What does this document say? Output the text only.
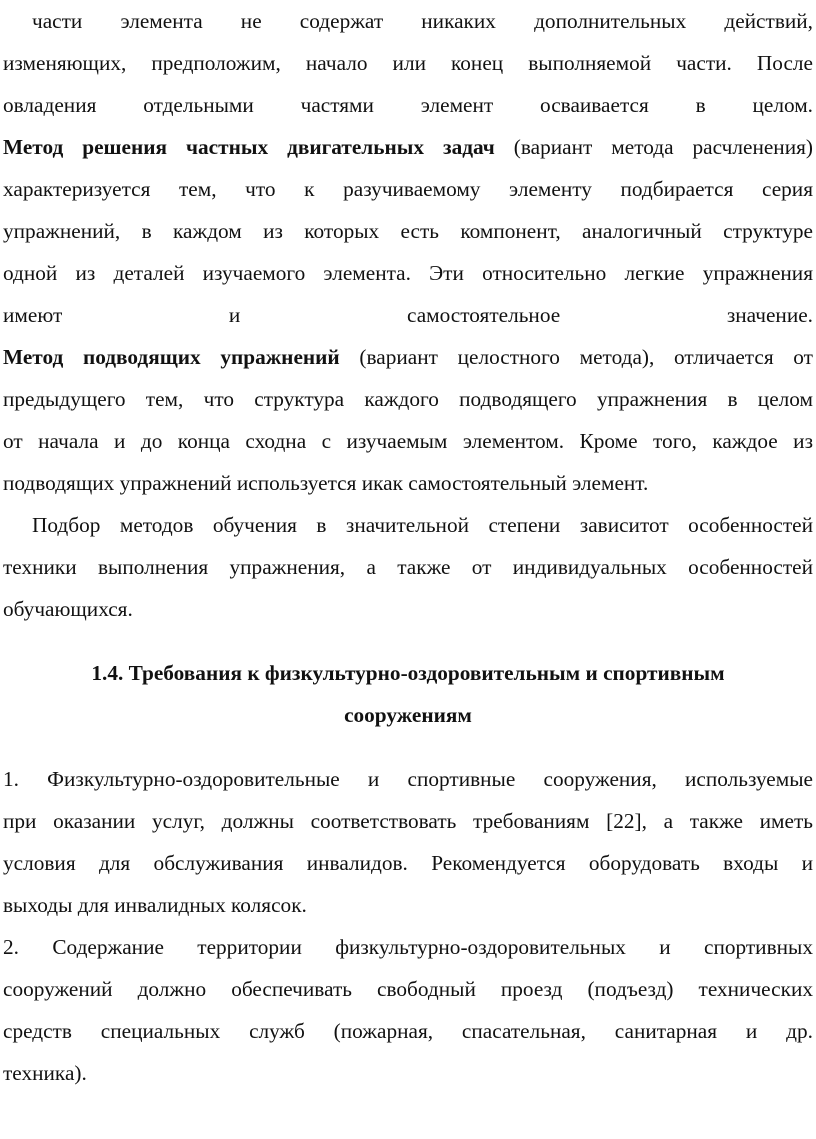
части элемента не содержат никаких дополнительных действий,
изменяющих, предположим, начало или конец выполняемой части. После
овладения отдельными частями элемент осваивается в целом.
Метод решения частных двигательных задач (вариант метода расчленения)
характеризуется тем, что к разучиваемому элементу подбирается серия
упражнений, в каждом из которых есть компонент, аналогичный структуре
одной из деталей изучаемого элемента. Эти относительно легкие упражнения
имеют и самостоятельное значение.
Метод подводящих упражнений (вариант целостного метода), отличается от
предыдущего тем, что структура каждого подводящего упражнения в целом
от начала и до конца сходна с изучаемым элементом. Кроме того, каждое из
подводящих упражнений используется икак самостоятельный элемент.
Подбор методов обучения в значительной степени зависитот особенностей
техники выполнения упражнения, а также от индивидуальных особенностей
обучающихся.
1.4. Требования к физкультурно-оздоровительным и спортивным
сооружениям
1. Физкультурно-оздоровительные и спортивные сооружения, используемые
при оказании услуг, должны соответствовать требованиям [22], а также иметь
условия для обслуживания инвалидов. Рекомендуется оборудовать входы и
выходы для инвалидных колясок.
2. Содержание территории физкультурно-оздоровительных и спортивных
сооружений должно обеспечивать свободный проезд (подъезд) технических
средств специальных служб (пожарная, спасательная, санитарная и др.
техника).
